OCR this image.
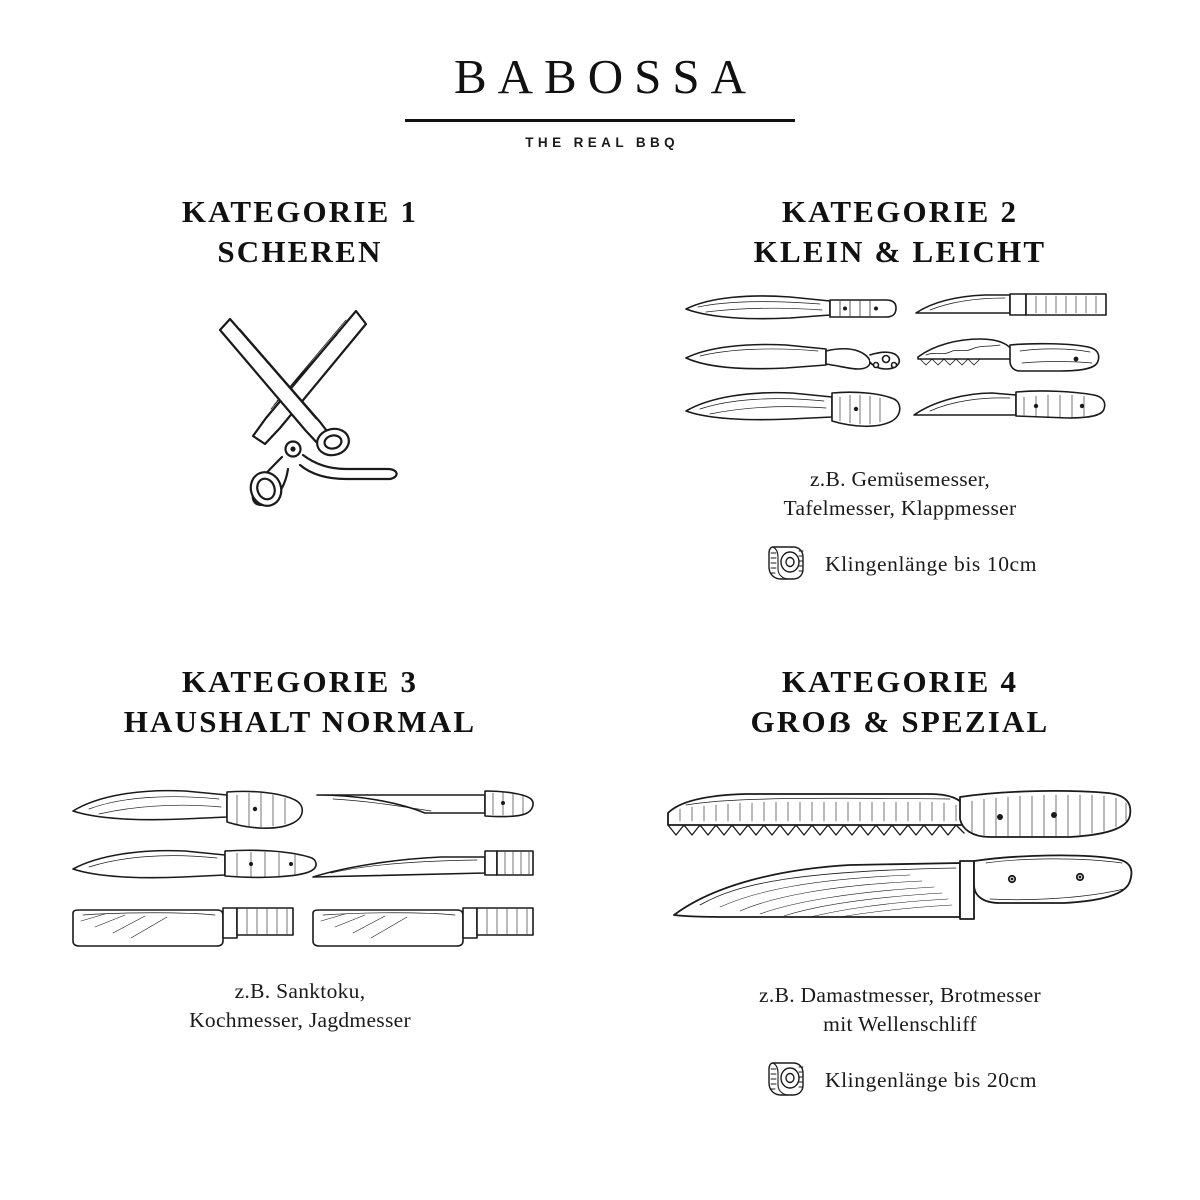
BABOSSA
THE REAL BBQ
KATEGORIE 1
SCHEREN
KATEGORIE 2
KLEIN & LEICHT
z.B. Gemüsemesser,
Tafelmesser, Klappmesser
Klingenlänge bis 10cm
KATEGORIE 3
HAUSHALT NORMAL
z.B. Sanktoku,
Kochmesser, Jagdmesser
KATEGORIE 4
GROẞ & SPEZIAL
z.B. Damastmesser, Brotmesser
mit Wellenschliff
Klingenlänge bis 20cm
